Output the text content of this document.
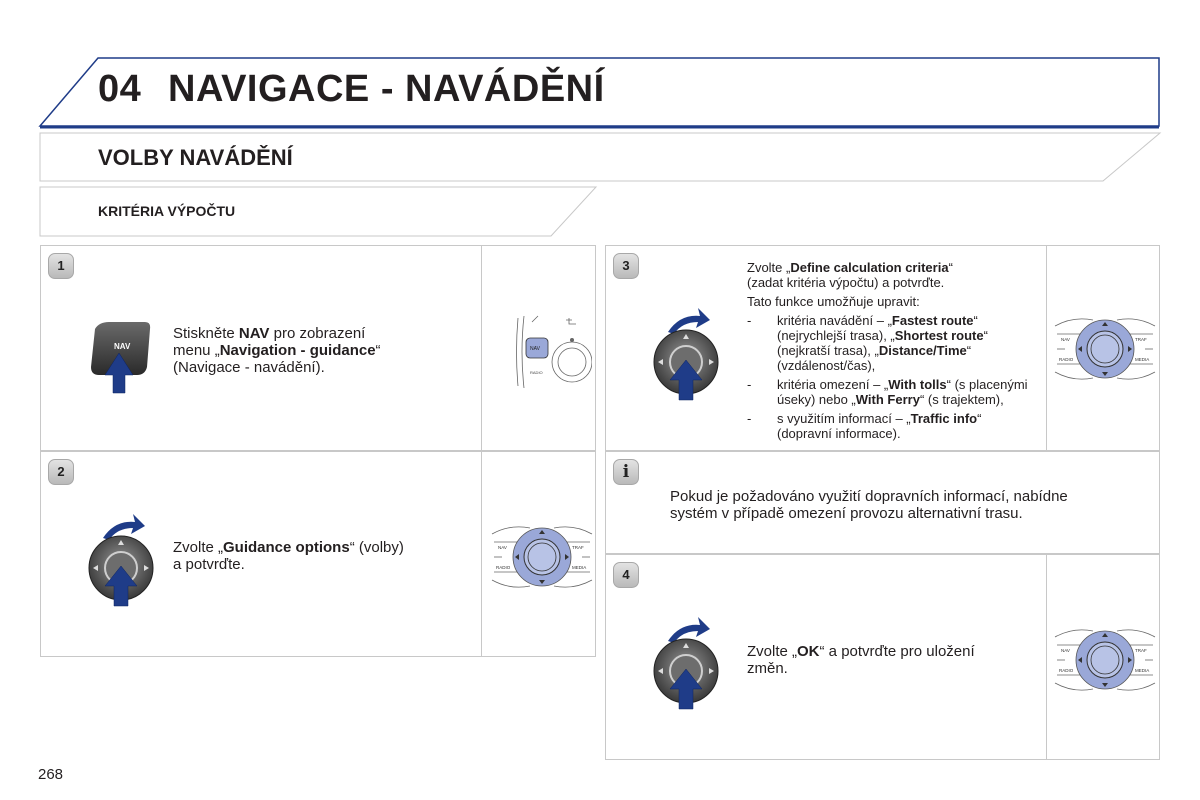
04 NAVIGACE - NAVÁDĚNÍ
VOLBY NAVÁDĚNÍ
KRITÉRIA VÝPOČTU
1
NAV
Stiskněte NAV pro zobrazení
menu „Navigation - guidance“
(Navigace - navádění).
NAV
RADIO
2
Zvolte „Guidance options“ (volby)
a potvrďte.
NAV	TRAF
RADIO	MEDIA
3	Zvolte „Define calculation criteria“
(zadat kritéria výpočtu) a potvrďte.
Tato funkce umožňuje upravit:
- kritéria navádění – „Fastest route“
(nejrychlejší trasa), „Shortest route“
(nejkratší trasa), „Distance/Time“
(vzdálenost/čas),
- kritéria omezení – „With tolls“ (s placenými
úseky) nebo „With Ferry“ (s trajektem),
- s využitím informací – „Traffic info“
(dopravní informace).
NAV	TRAF
RADIO	MEDIA
i
Pokud je požadováno využití dopravních informací, nabídne
systém v případě omezení provozu alternativní trasu.
4
Zvolte „OK“ a potvrďte pro uložení
změn.
NAV	TRAF
RADIO	MEDIA
268
